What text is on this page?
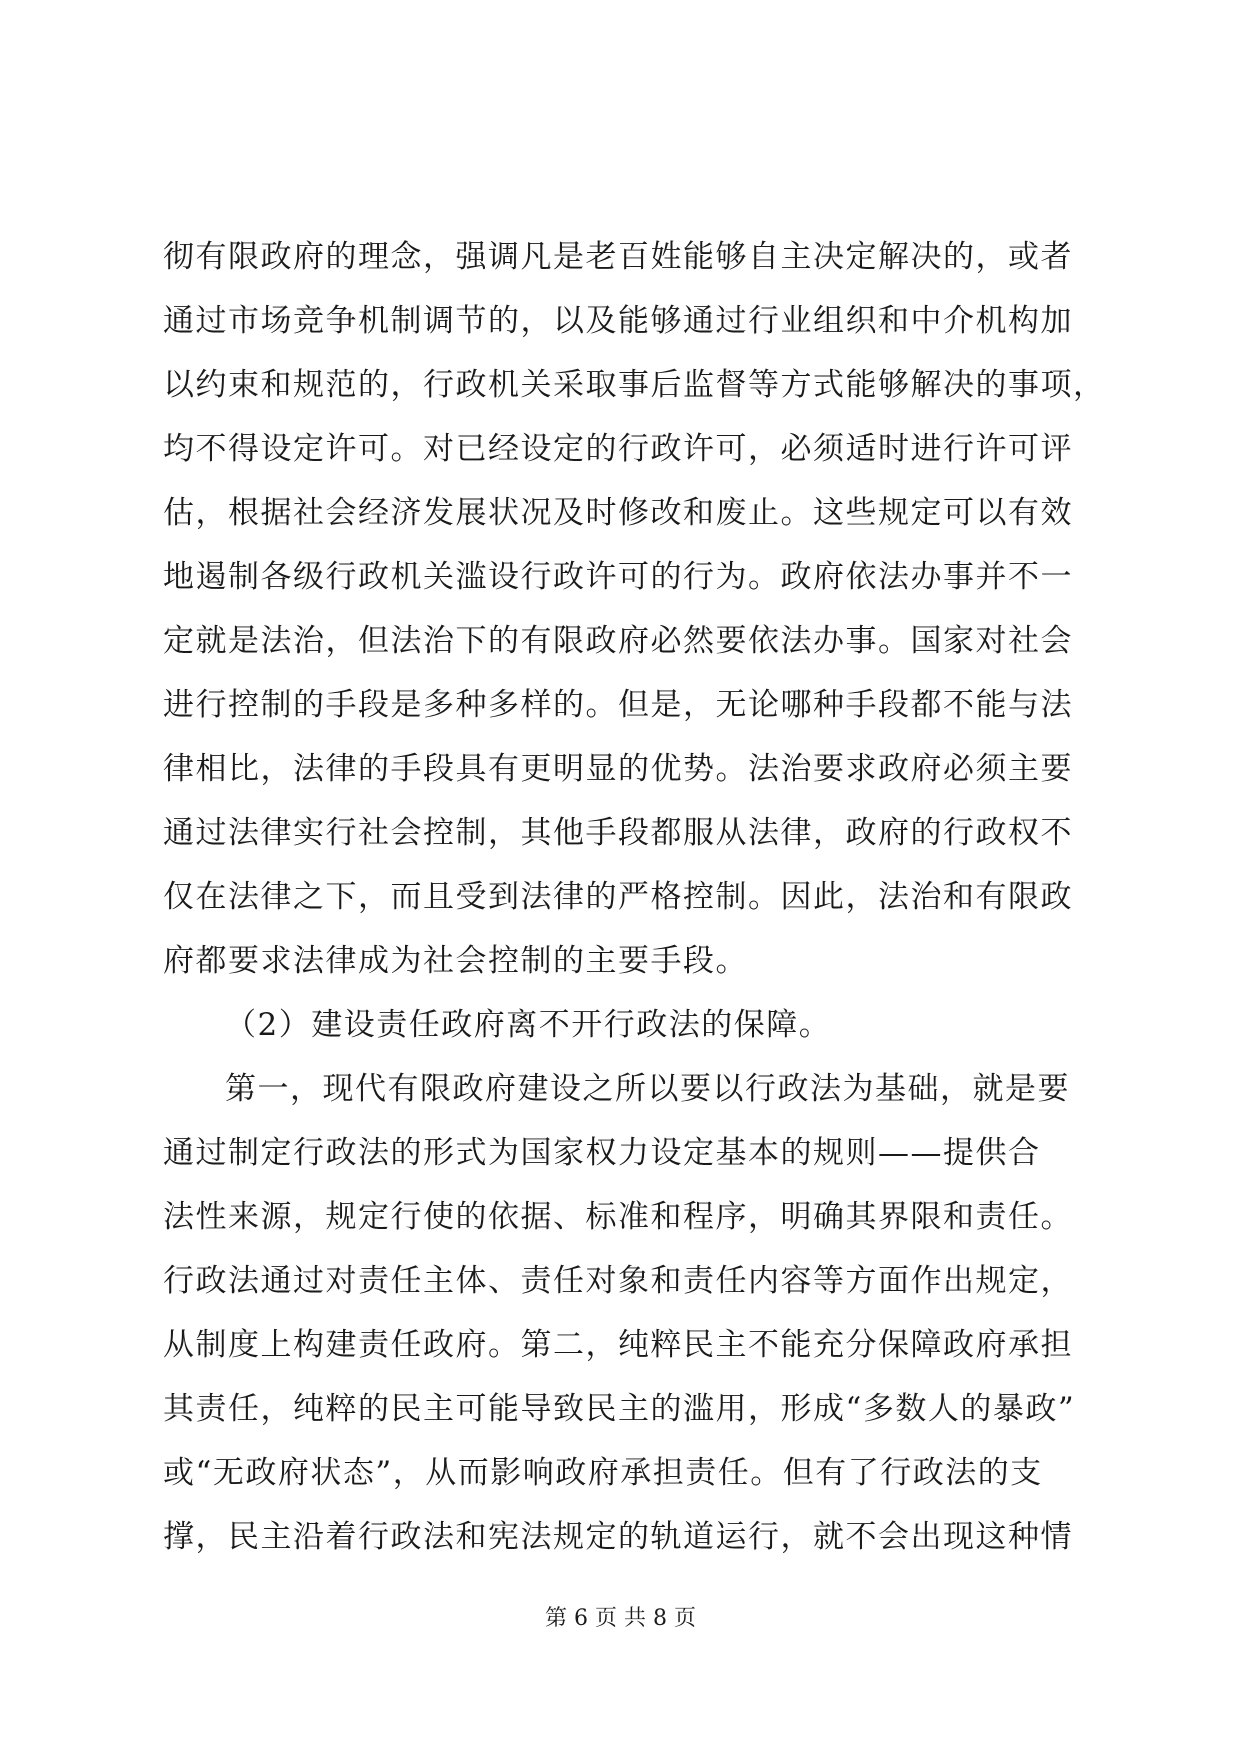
彻有限政府的理念，强调凡是老百姓能够自主决定解决的，或者
通过市场竞争机制调节的，以及能够通过行业组织和中介机构加
以约束和规范的，行政机关采取事后监督等方式能够解决的事项，
均不得设定许可。对已经设定的行政许可，必须适时进行许可评
估，根据社会经济发展状况及时修改和废止。这些规定可以有效
地遏制各级行政机关滥设行政许可的行为。政府依法办事并不一
定就是法治，但法治下的有限政府必然要依法办事。国家对社会
进行控制的手段是多种多样的。但是，无论哪种手段都不能与法
律相比，法律的手段具有更明显的优势。法治要求政府必须主要
通过法律实行社会控制，其他手段都服从法律，政府的行政权不
仅在法律之下，而且受到法律的严格控制。因此，法治和有限政
府都要求法律成为社会控制的主要手段。
（2）建设责任政府离不开行政法的保障。
第一，现代有限政府建设之所以要以行政法为基础，就是要
通过制定行政法的形式为国家权力设定基本的规则——提供合
法性来源，规定行使的依据、标准和程序，明确其界限和责任。
行政法通过对责任主体、责任对象和责任内容等方面作出规定，
从制度上构建责任政府。第二，纯粹民主不能充分保障政府承担
其责任，纯粹的民主可能导致民主的滥用，形成“多数人的暴政”
或“无政府状态”，从而影响政府承担责任。但有了行政法的支
撑，民主沿着行政法和宪法规定的轨道运行，就不会出现这种情
第 6 页 共 8 页
